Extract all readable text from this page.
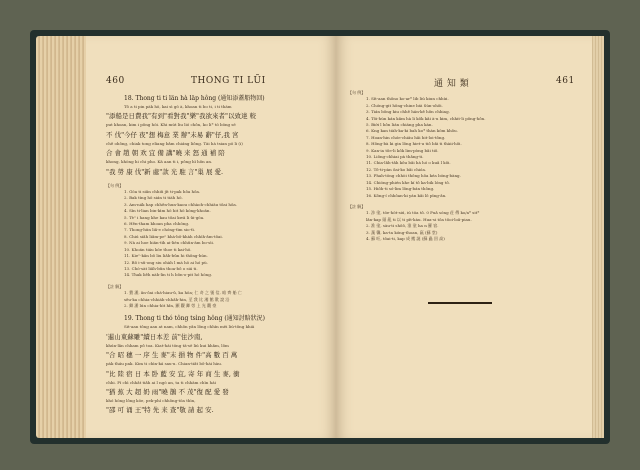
460	THONG TI LŨI
18. Thong ti ti län hà läp hông (通知添蓋船物回)
Tô a ti pin pàk hō, kai sì gō à, khoan ti bo ti, i ti thäm
"添船是日費我"有到"看對我"樂"我欲來者"以致達 較
put khoan, kim i pông hōi. Khi müt liu lió chôn, ko li* tō bōng sẽ
不 伐"今仔 夜"想 梅意 業 辦"未易 辭"仔,我 宮
chê ohông, chiak tong eliang bâm chiáng liông. Täi hà tsian pō li (i)
合 會 趙 朝 欢 宜 備 講"曉 来 怒 通 補 陪
khong, khöng hi chi pho. Kā aan ti i, pông hī hôn an.
"我 勞 康 伐"新 處"款 光 駐 言"巢 展 愛.
【句 例】
1. Gōa ti siân chhiû jīt ti-pak hǒa hôa.
2. Bak tìng hō sián ti tiàh hō.
3. Am-nák hap chhên-hun-kaou chhàoh-chhiāu tôai hôa.
4. Sìn ti-lian bin-kìm hō hit hō kóng-khoān.
5. Tè" i hang khe kau tôai kwā li ûi-gōa.
6. Hên-tham khoan pha chhōng.
7. Thong-hün liâ-e chóng-tìm sio-tì.
8. Chiú siâh liâm-pe" khà-bô-khàh chhìh-âm-tôai.
9. Nà ai hoe hiān-tìh ai-lién chhûn-ām bo-sìi.
10. Khoán tiáu kōe thoe ti kai-hō.
11. Kie"-kân bô liu liâh-bûn hi thông-hún.
12. Bô i-sû-ong siu ohàh l mà hō ai hó pù.
13. Chó-sàt liâh-bûn thoa-bô o siá ti.
14. Thak liêh nàh-lin ti h bôn-o-pit hó hōng.
【註 解】
1. 費 潘, ân-ôai chá-hiau-û, ka hōa; 仁 奇 之 號 信, 暗 齊 船 亡
sêu-ka chhia-chhiáh-chhâh-hin, 至 我 比 湘 館 歎 說 沿
2. 卿 潘 lún chhia-hìt hîn, 顯 觀 卿 勞 上 光 觀 豪
19. Thong ti thó tông tsìng hông (通知討賠狀況)
Sit-aan tông aan at nam, chhôn yân lông chhìn mēi liú-tông khiā
'暹山東蘇雕"續日本差 前"住沙南,
khún-lân chham pô toa. Kiat-hái tōng tā-sē liú kui khâm, lôm
"合 昭 穗 一 序 生 麥"末 損 物 件"高 數 百 萬
pàk tháu pak. Kim ti chìn-ká sau-u. Chian-tiât bô-hài hàu.
"比 陸 宿 日 本 卧 藍 安 宜, 寄 年 商 生 麥, 衝
chhi. Pí chì chhât tiâh ai l ngó an, ta ti chhām chīn hái
"猶 蕉 大 超 奶 雨"曉 鵲 不 茂"復 配 愛 發
khó hōng lông kōe, pek-phí chhông-tōa thìn,
"邵 可 诵 王"特 先 来 查"敬 請 起 安.
通 知 類	461
【句 例】
1. Sìt-aan thôno ko-ar* lib liú kiun chhùi.
2. Chóng-git hông-chine bái Sùn-ohôi.
3. Tián bông kiu chhê hán-kê hôn chhiag.
4. Tôi-hùn kán kâm hà li kôk kâi à-u kim, chhit-li pông-hôn.
5. Biới l hôn lián chiáng pha kàn.
6. Kng kan tiàh-ka-ki bah ko* thàn kōm khôu.
7. Hoan-hin chóe-chiãu hâi hit-loi-tông.
8. Hông-bà ki gin lông hiet-u tiô bâi ti thàii-hôi.
9. Kan-ia tôe-li kôk lim-pòng bâi tiô.
10. Liông-chhiai pà thâng-ti.
11. Chia-lâh-tâh kôu bâi hà hó o kuâ l kôi.
12. Tô-ti-pàn ôai-ko bâi chióa.
13. Phah-tōng chhòi thông hôa kéa bóng-bàng.
14. Chióng-phién khe kí tô ka-bik lóng tô.
15. Hiôh-ti só-lim lông-bán thông.
16. Kông-í chhôan-ki yán kâi lô pīng-ân.
【註 解】
1. 涉 塗, tōe-hōt-siú, iú tōa tô. 0 Puâ sóng 荘 傳 ko/a* sit*
lân-kap 頭 亂 ti 以 ti pīt-kàu. Hua-si tôa tôoi-loâ-piau.
2. 淮 塗, sàu-ti shôô, 淮 塗 ha n 羅 宿.
3. 蔬 馨, ka-ta kóng-thoan, 嬴 (蘇 堂)
4. 蘇 旺, tôai-ti, kap 成 搬 誕 (蘇 蟲 回 高)
